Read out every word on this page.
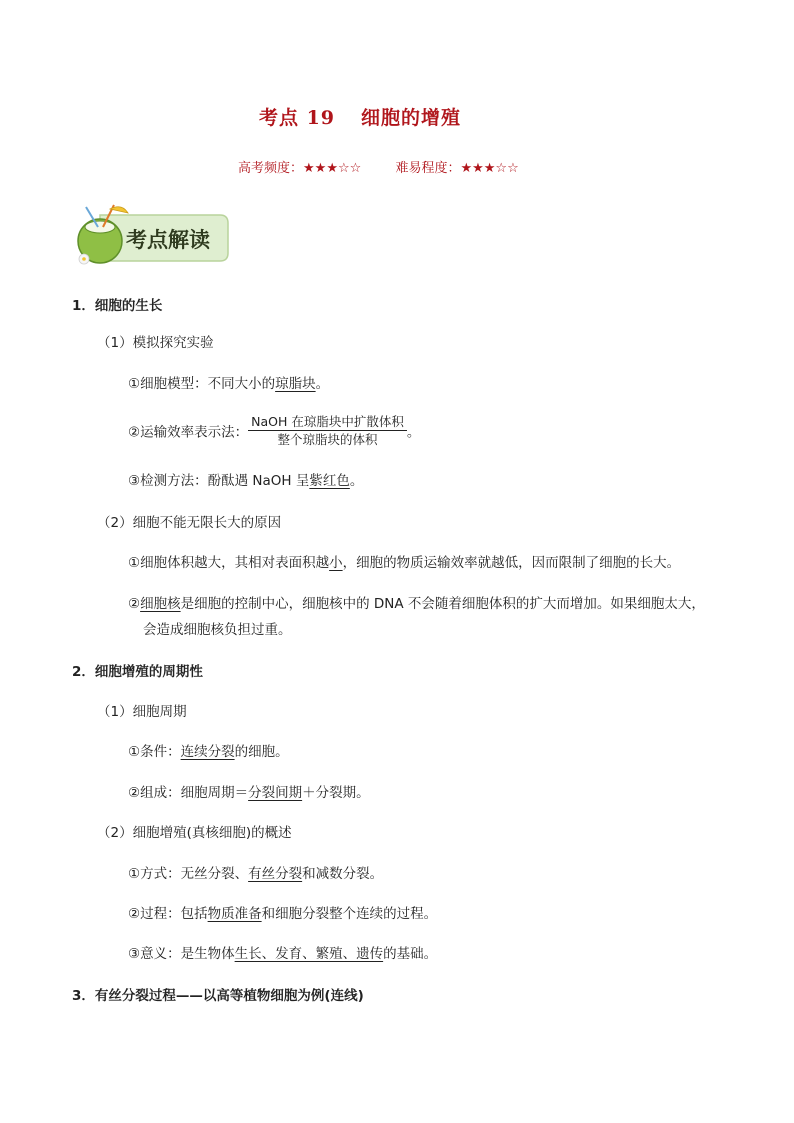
考点 19 细胞的增殖
高考频度：★★★☆☆	难易程度：★★★☆☆
考点解读
1．细胞的生长
（1）模拟探究实验
①细胞模型：不同大小的琼脂块。
②运输效率表示法： $\frac{\text{NaOH 在琼脂块中扩散体积}}{\text{整个琼脂块的体积}}$ 。
③检测方法：酚酞遇 NaOH 呈紫红色。
（2）细胞不能无限长大的原因
①细胞体积越大，其相对表面积越小，细胞的物质运输效率就越低，因而限制了细胞的长大。
②细胞核是细胞的控制中心，细胞核中的 DNA 不会随着细胞体积的扩大而增加。如果细胞太大，
会造成细胞核负担过重。
2．细胞增殖的周期性
（1）细胞周期
①条件：连续分裂的细胞。
②组成：细胞周期＝分裂间期＋分裂期。
（2）细胞增殖(真核细胞)的概述
①方式：无丝分裂、有丝分裂和减数分裂。
②过程：包括物质准备和细胞分裂整个连续的过程。
③意义：是生物体生长、发育、繁殖、遗传的基础。
3．有丝分裂过程——以高等植物细胞为例(连线)
